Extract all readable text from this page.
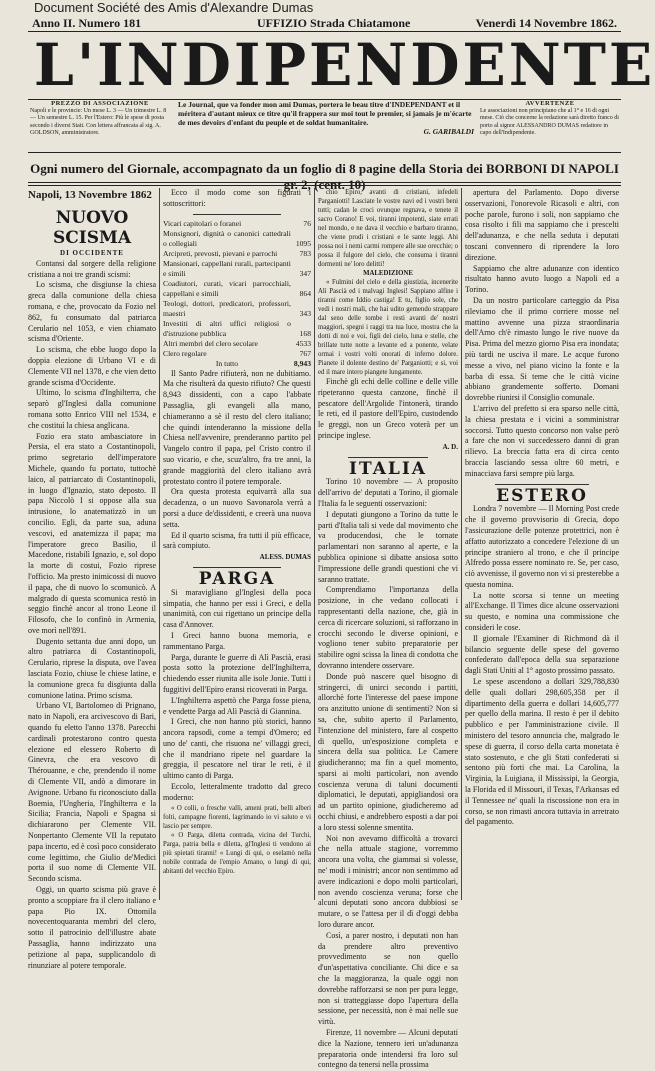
Document Société des Amis d'Alexandre Dumas
Anno II. Numero 181	UFFIZIO Strada Chiatamone	Venerdì 14 Novembre 1862.
L'INDIPENDENTE
PREZZO DI ASSOCIAZIONE
Napoli e le provincie: Un mese L. 3 — Un trimestre L. 8 — Un semestre L. 15. Per l'Estero: Più le spese di posta secondo i diversi Stati. Con lettera affrancata al sig. A. GOLDSON, amministratore.
Le Journal, que va fonder mon ami Dumas, portera le beau titre d'INDEPENDANT et il méritera d'autant mieux ce titre qu'il frappera sur moi tout le premier, si jamais je m'écarte de mes devoirs d'enfant du peuple et de soldat humanitaire.
G. GARIBALDI
AVVERTENZE
Le associazioni non principiano che al 1° e 16 di ogni mese. Ciò che concerne la redazione sarà diretto franco di porto al signor ALESSANDRO DUMAS redattore in capo dell'Indipendente.
Ogni numero del Giornale, accompagnato da un foglio di 8 pagine della Storia dei BORBONI DI NAPOLI gr. 2, (cent. 10)
Napoli, 13 Novembre 1862
NUOVO SCISMA
DI OCCIDENTE

Contansi dal sorgere della religione cristiana a noi tre grandi scismi:

Lo scisma, che disgiunse la chiesa greca dalla comunione della chiesa romana, e che, provocato da Fozio nel 862, fu consumato dal patriarca Cerulario nel 1053, e vien chiamato scisma d'Oriente.

Lo scisma, che ebbe luogo dopo la doppia elezione di Urbano VI e di Clemente VII nel 1378, e che vien detto grande scisma d'Occidente.

Ultimo, lo scisma d'Inghilterra, che separò gl'Inglesi dalla comunione romana sotto Enrico VIII nel 1534, e che costituì la chiesa anglicana.

Fozio era stato ambasciatore in Persia, el era stato a Costantinopoli, primo segretario dell'imperatore Michele, quando fu portato, tuttochè laico, al patriarcato di Costantinopoli, in luogo d'Ignazio, stato deposto. Il papa Niccolò I si oppose alla sua intrusione, lo anatematizzò in un concilio. Egli, da parte sua, aduna vescovi, ed anatemizza il papa; ma l'imperatore greco Basilio, il Macedone, ristabilì Ignazio, e, sol dopo la morte di costui, Fozio riprese l'officio. Ma presto inimicossi di nuovo il papa, che di nuovo lo scomunicò. A malgrado di questa scomunica restò in seggio finchè ancor al trono Leone il Filosofo, che lo confinò in Armenia, ove morì nell'891.

Dugento settanta due anni dopo, un altro patriarca di Costantinopoli, Cerulario, riprese la disputa, ove l'avea lasciata Fozio, chiuse le chiese latine, e la comunione greca fu disgiunta dalla comunione latina. Primo scisma.

Urbano VI, Bartolomeo di Prignano, nato in Napoli, era arcivescovo di Bari, quando fu eletto l'anno 1378. Parecchi cardinali protestarono contro questa elezione ed elessero Roberto di Ginevra, che era vescovo di Thérouanne, e che, prendendo il nome di Clemente VII, andò a dimorare in Avignone. Urbano fu riconosciuto dalla Boemia, l'Ungheria, l'Inghilterra e la Sicilia; Francia, Napoli e Spagna si dichiararono per Clemente VII. Nonpertanto Clemente VII la reputato papa incerto, ed è così poco considerato come legittimo, che Giulio de'Medici porta il suo nome di Clemente VII. Secondo scisma.

Oggi, un quarto scisma più grave è pronto a scoppiare fra il clero italiano e papa Pio IX. Ottomila novecentoquaranta membri del clero, sotto il patrocinio dell'illustre abate Passaglia, hanno indirizzato una petizione al papa, supplicandolo di rinunziare al potere temporale.

Ecco il modo come son figurati i sottoscrittori:

Vicari capitolari o foranei	76
Monsignori, dignità o canonici cattedrali o collegiali	1095
Arcipreti, prevosti, pievani e parrochi	783
Mansionari, cappellani rurali, partecipanti e simili	347
Coadiutori, curati, vicari parrocchiali, cappellani e simili	864
Teologi, dottori, predicatori, professori, maestri	343
Investiti di altri uffici religiosi o d'istruzione pubblica	168
Altri membri del clero secolare	4533
Clero regolare	767
In tutto	8,943

Il Santo Padre rifiuterà, non ne dubitiamo. Ma che risulterà da questo rifiuto? Che questi 8,943 dissidenti, con a capo l'abbate Passaglia, gli evangeli alla mano, chiameranno a sè il resto del clero italiano; che quindi intenderanno la missione della Chiesa nell'avvenire, prenderanno partito pel Vangelo contro il papa, pel Cristo contro il suo vicario, e che, scuz'altro, fra tre anni, la grande maggiorità del clero italiano avrà protestato contro il potere temporale.

Ora questa protesta equivarrà alla sua decadenza, o un nuovo Savonarola verrà a porsi a duce de'dissidenti, e creerà una nuova setta.

Ed il quarto scisma, fra tutti il più efficace, sarà compiuto.

ALESS. DUMAS
PARGA

Si maravigliano gl'Inglesi della poca simpatia, che hanno per essi i Greci, e della unanimità, con cui rigettano un principe della casa d'Annover.

I Greci hanno buona memoria, e rammentano Parga.

Parga, durante le guerre di Alì Pascià, erasi posta sotto la protezione dell'Inghilterra, chiedendo esser riunita alle isole Jonie. Tutti i fuggitivi dell'Epiro eransi ricoverati in Parga.

L'Inghilterra aspettò che Parga fosse piena, e vendette Parga ad Alì Pascià di Giannina.

I Greci, che non hanno più storici, hanno ancora rapsodi, come a tempi d'Omero; ed uno de' canti, che risuona ne' villaggi greci, che il mandriano ripete nel guardare la greggia, il pescatore nel tirar le reti, è il ultimo canto di Parga.

Eccolo, letteralmente tradotto dal greco moderno:

« O colli, o fresche valli, ameni prati, belli alberi folti, campagne fiorenti, lagrimando io vi saluto e vi lascio per sempre.

« O Parga, diletta contrada, vicina del Turchi, Parga, patria bella e diletta, gl'Inglesi ti vendono ai più spietati tiranni! « Lungi di qui, o eselamò nella nobile contrada de l'empio Amano, o lungi di qui, abitanti del vecchio Epiro.

chio Epiro, avanti di cristiani, infedeli Parganiotti! Lasciate le vostre navi ed i vostri beni tutti; cadan le croci ovunque regnava, e tenete il sacro Corano! E voi, tiranni impotenti, siate errati nel mondo, e ne dava il vecchio e barbaro tiranno, che viene prodi i cristiani e le sante leggi. Ahi possa noi i nemi carmi rompere alle sue orecchie; o possa il fulgore del cielo, che consuma i tiranni dormenti ne' loro delitti!

MALEDIZIONE

« Fulmini del cielo e della giustizia, incenerite Alì Pascià ed i malvagi Inglesi! Sappiano alfine i tiranni come Iddio castiga! E tu, figlio sole, che vedi i nostri mali, che hai udito gemendo strappare dal seno delle tombe i resti avanti de' nostri maggiori, spegni i raggi tra tua luce, mostra che la dotti di noi e voi, figli del cielo, luna e stelle, che brillate tutte notte a levante ed a ponente, velate ormai i vostri volti onorati di inferno dolore. Pianete il dolente destino de' Parganiotti; e si, voi ed il mare intero piangete lungamente.

Finchè gli echi delle colline e delle ville ripeteranno questa canzone, finchè il pescatore dell'Argolide l'intonerà, tirando le reti, ed il pastore dell'Epiro, custodendo le greggi, non un Greco voterà per un principe inglese.

A. D.
ITALIA

Torino 10 novembre — A proposito dell'arrivo de' deputati a Torino, il giornale l'Italia fa le seguenti osservazioni:

I deputati giungono a Torino da tutte le parti d'Italia tali si vede dal movimento che va producendosi, che le tornate parlamentari non saranno al aperte, e la pubblica opinione si dibatte ansiosa sotto l'impressione delle grandi questioni che vi saranno trattate.

Comprendiamo l'importanza della posizione, in che vedano collocati i rappresentanti della nazione, che, già in cerca di ricercare soluzioni, si rafforzano in crocchi secondo le diverse opinioni, e vogliono tener subito preparatorie per stabilire ogni scissa la linea di condotta che dovranno intendere osservare.

Donde può nascere quel bisogno di stringerci, di unirci secondo i partiti, allorchè forte l'interesse del paese impone ora anzitutto unione di sentimenti? Non sì sa, che, subito aperto il Parlamento, l'intenzione del ministero, fare al cospetto di quello, un'esposizione completa e sincera della sua politica. Le Camere giudicheranno; ma fin a quel momento, sparsi ai molti particolari, non avendo coscienza veruna di taluni documenti diplomatici, le deputati, appigliandosi ora ad un partito opinione, giudicheremo ad occhi chiusi, e andrebbero esposti a dar poi a loro stessi solenne smentita.

Noi non avevamo difficoltà a trovarci che nella attuale stagione, vorremmo ancora una volta, che giammai si volesse, ne' modi i ministri; ancor non sentimmo ad avere indicazioni e dopo molti particolari, non avendo coscienza veruna; forse che alcuni deputati sono ancora dubbiosi se mutare, o se l'attesa per il dì d'oggi debba loro durare ancor.

Così, a parer nostro, i deputati non han da prendere altro preventivo provvedimento se non quello d'un'aspettativa conciliante. Chi dice e sa che la maggioranza, la quale oggi non dovrebbe rafforzarsi se non per pura legge, non si tratteggiasse dopo l'apertura della sessione, per necessità, non è mai nelle sue virtù.

Firenze, 11 novembre — Alcuni deputati dice la Nazione, tennero ieri un'adunanza preparatoria onde intendersi fra loro sul contegno da tenersi nella prossima

apertura del Parlamento. Dopo diverse osservazioni, l'onorevole Ricasoli e altri, con poche parole, furono i soli, non sappiamo che cosa risolto i fili ma sappiamo che i prescelti dell'adunanza, e che nella seduta i deputati toscani convennero di riprendere la loro direzione.

Sappiamo che altre adunanze con identico risultato hanno avuto luogo a Napoli ed a Torino.

Da un nostro particolare carteggio da Pisa rileviamo che il primo corriere mosse nel mattino avvenne una pizza straordinaria dell'Arno ch'è rimasto lungo le rive nuove da Pisa. Prima del mezzo giorno Pisa era inondata; più tardi ne usciva il mare. Le acque furono messe a vivo, nel piano vicino la fonte e la barba di essa. Si teme che le città vicine abbiano grandemente sofferto. Domani dovrebbe riunirsi il Consiglio comunale.

L'arrivo del prefetto si era sparso nelle città, la chiesa prestata e i vicini a somministrar soccorsi. Tutto questo concorso non valse però a fare che non vi succedessero danni di gran rilievo. La breccia fatta era di circa cento braccia lasciando sessa oltre 60 metri, e minacciava farsi sempre più larga.

ESTERO

Londra 7 novembre — Il Morning Post crede che il governo provvisorio di Grecia, dopo l'assicurazione delle potenze protettrici, non è affatto autorizzato a concedere l'elezione di un principe straniero al trono, e che il principe Alfredo possa essere nominato re. Se, per caso, ciò avvenisse, il governo non vi si presterebbe a questa nomina.

La notte scorsa si tenne un meeting all'Exchange. Il Times dice alcune osservazioni su questo, e nomina una commissione che consideri le cose.

Il giornale l'Examiner di Richmond dà il bilancio seguente delle spese del governo confederato dall'epoca della sua separazione dagli Stati Uniti al 1° agosto prossimo passato.

Le spese ascendono a dollari 329,788,830 delle quali dollari 298,605,358 per il dipartimento della guerra e dollari 14,605,777 per quello della marina. Il resto è per il debito pubblico e per l'amministrazione civile. Il ministero del tesoro annuncia che, malgrado le spese di guerra, il corso della carta monetata è stato sostenuto, e che gli Stati confederati si sentono più forti che mai. La Carolina, la Virginia, la Luigiana, il Mississipi, la Georgia, la Florida ed il Missouri, il Texas, l'Arkansas ed il Tennessee ne' quali la riscossione non era in corso, se non rimasti ancora tuttavia in arretrato del pagamento.
